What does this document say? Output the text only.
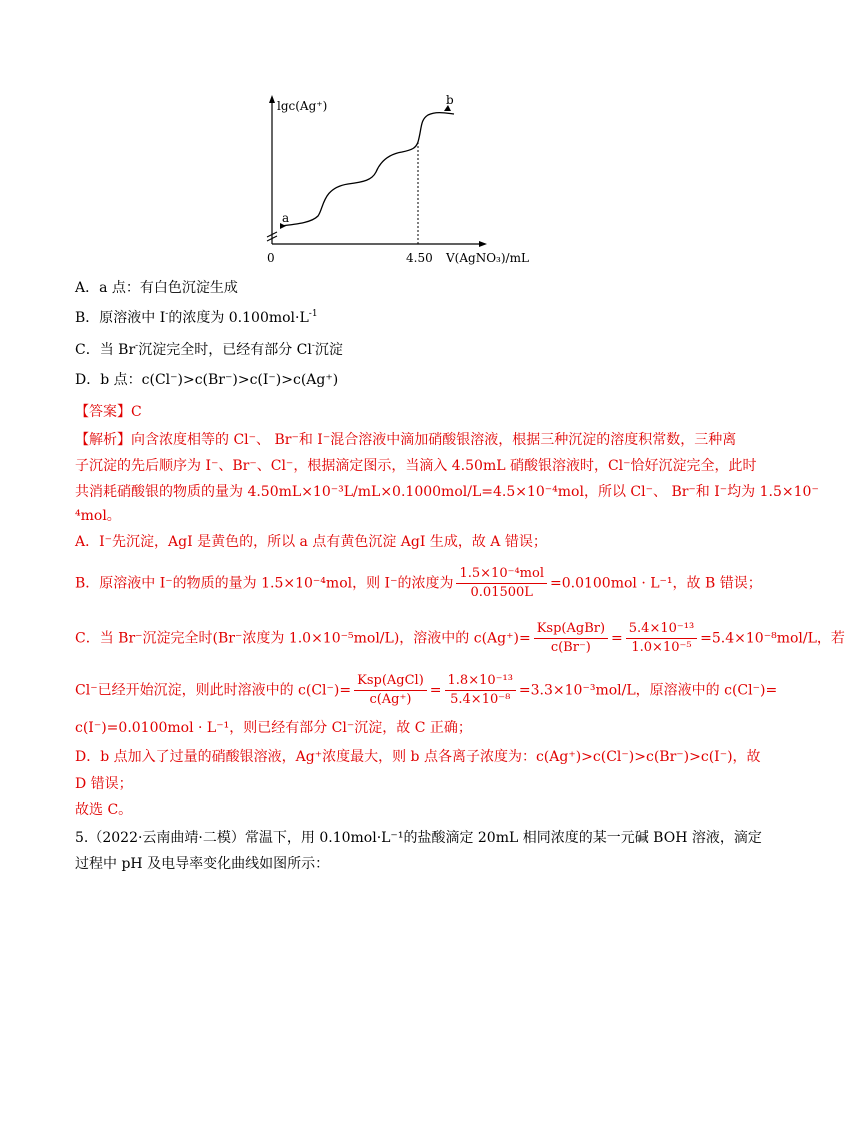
lgc(Ag⁺)
a
b
0	4.50 V(AgNO₃)/mL
A．a 点：有白色沉淀生成
B．原溶液中 I-的浓度为 $0.100mol\cdot L^{-1}$
C．当 Br-沉淀完全时，已经有部分 Cl-沉淀
D．b 点：c(Cl⁻)>c(Br⁻)>c(I⁻)>c(Ag⁺)
【答案】C
【解析】向含浓度相等的 Cl⁻、 Br⁻和 I⁻混合溶液中滴加硝酸银溶液，根据三种沉淀的溶度积常数，三种离
子沉淀的先后顺序为 I⁻、Br⁻、Cl⁻，根据滴定图示，当滴入 4.50mL 硝酸银溶液时，Cl⁻恰好沉淀完全，此时
共消耗硝酸银的物质的量为 4.50mL×10⁻³L/mL×0.1000mol/L=4.5×10⁻⁴mol，所以 Cl⁻、 Br⁻和 I⁻均为 1.5×10⁻
⁴mol。
A．I⁻先沉淀，AgI 是黄色的，所以 a 点有黄色沉淀 AgI 生成，故 A 错误；
B．原溶液中 I⁻的物质的量为 1.5×10⁻⁴mol，则 I⁻的浓度为 $\frac{\text{1.5×10⁻⁴mol}}{0.01500L} =0.0100mol \cdot L^{-1}$，故 B 错误；
C．当 Br⁻沉淀完全时(Br⁻浓度为 1.0×10⁻⁵mol/L)，溶液中的 $c(Ag^+)= \frac{\text{Ksp(AgBr)}}{c(Br^-)} = \frac{\text{5.4×10⁻¹³}}{\text{1.0×10⁻⁵}} =5.4\times 10^{-8}mol/L$，若
Cl⁻已经开始沉淀，则此时溶液中的 $c(Cl^-)= \frac{\text{Ksp(AgCl)}}{c(Ag^+)} = \frac{\text{1.8×10⁻¹³}}{\text{5.4×10⁻⁸}} =3.3\times 10^{-3}mol/L$，原溶液中的 c(Cl⁻)=
c(I⁻)=0.0100mol · L⁻¹，则已经有部分 Cl⁻沉淀，故 C 正确；
D．b 点加入了过量的硝酸银溶液，Ag⁺浓度最大，则 b 点各离子浓度为：c(Ag⁺)>c(Cl⁻)>c(Br⁻)>c(I⁻)，故
D 错误；
故选 C。
5.（2022·云南曲靖·二模）常温下，用 0.10mol·L⁻¹的盐酸滴定 20mL 相同浓度的某一元碱 BOH 溶液，滴定
过程中 pH 及电导率变化曲线如图所示：
